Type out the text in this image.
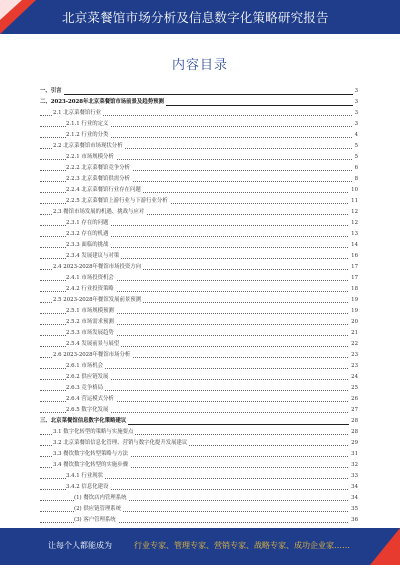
北京菜餐馆市场分析及信息数字化策略研究报告
内容目录
一、引言	3
二、2023-2028年北京菜餐馆市场前景及趋势预测	3
2.1 北京菜餐馆行业	3
2.1.1 行业的定义	3
2.1.2 行业的分类	4
2.2 北京菜餐馆市场现状分析	5
2.2.1 市场规模分析	5
2.2.2 北京菜餐馆竞争分析	6
2.2.3 北京菜餐馆供需分析	8
2.2.4 北京菜餐馆行业存在问题	10
2.2.5 北京菜餐馆上游行业与下游行业分析	11
2.3 餐馆市场发展的机遇、挑战与应对	12
2.3.1 存在的问题	12
2.3.2 存在的机遇	13
2.3.3 面临的挑战	14
2.3.4 发展建议与对策	16
2.4 2023-2028年餐馆市场投资方向	17
2.4.1 市场投资机会	17
2.4.2 行业投资策略	18
2.5 2023-2028年餐馆发展前景预测	19
2.5.1 市场规模预测	19
2.5.2 市场需求预测	20
2.5.3 市场发展趋势	21
2.5.4 发展前景与展望	22
2.6 2023-2028年餐馆市场分析	23
2.6.1 市场机会	23
2.6.2 供应链发展	24
2.6.3 竞争格局	25
2.6.4 营运模式分析	26
2.6.5 数字化发展	27
三、北京菜餐馆信息数字化策略建议	28
3.1 数字化转型的策略与实施要点	28
3.2 北京菜餐馆信息化管理、营销与数字化提升发展建议	29
3.3 餐饮数字化转型策略与方法	31
3.4 餐饮数字化转型的实施步骤	32
3.4.1 行业现状	33
3.4.2 信息化建设	34
(1) 餐饮店内管理系统	34
(2) 供应链管理系统	35
(3) 客户管理系统	36
让每个人都能成为	行业专家、管理专家、营销专家、战略专家、成功企业家……
